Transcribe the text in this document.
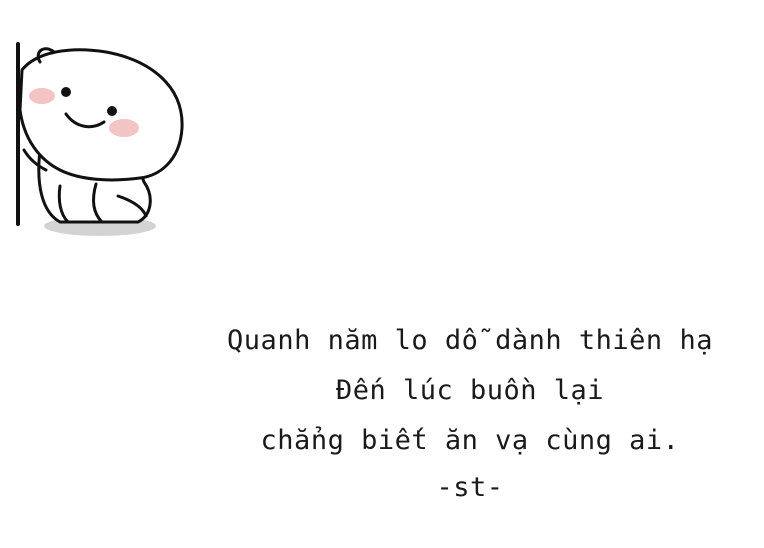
Quanh năm lo dỗ dành thiên hạ
Đến lúc buồn lại
chẳng biết ăn vạ cùng ai.
-st-
